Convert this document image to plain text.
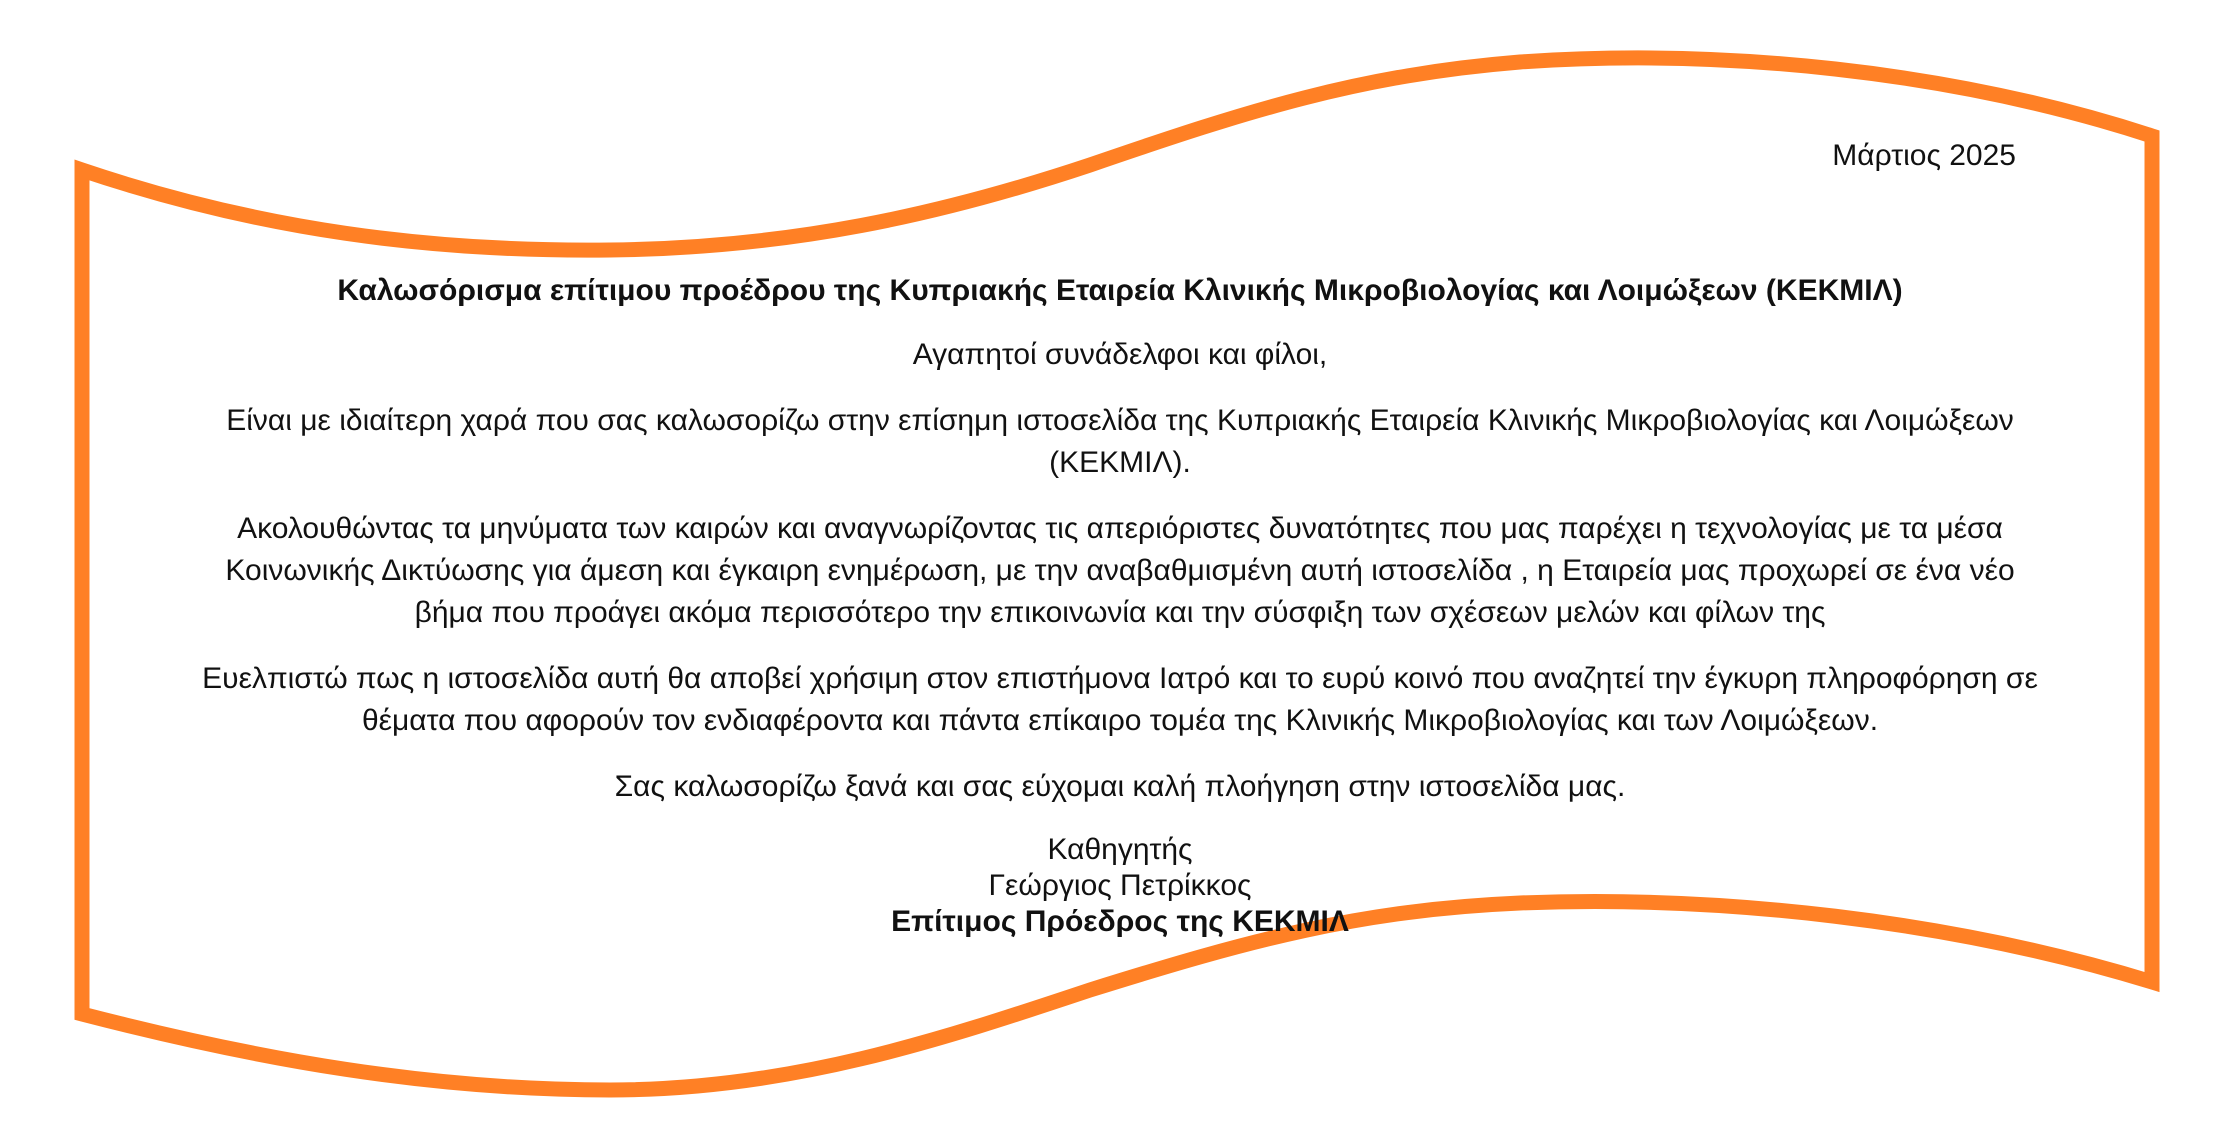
Μάρτιος 2025

Καλωσόρισμα επίτιμου προέδρου της Κυπριακής Εταιρεία Κλινικής Μικροβιολογίας και Λοιμώξεων (ΚΕΚΜΙΛ)

Αγαπητοί συνάδελφοι και φίλοι,

Είναι με ιδιαίτερη χαρά που σας καλωσορίζω στην επίσημη ιστοσελίδα της Κυπριακής Εταιρεία Κλινικής Μικροβιολογίας και Λοιμώξεων
(ΚΕΚΜΙΛ).

Ακολουθώντας τα μηνύματα των καιρών και αναγνωρίζοντας τις απεριόριστες δυνατότητες που μας παρέχει η τεχνολογίας με τα μέσα
Κοινωνικής Δικτύωσης για άμεση και έγκαιρη ενημέρωση, με την αναβαθμισμένη αυτή ιστοσελίδα , η Εταιρεία μας προχωρεί σε ένα νέο
βήμα που προάγει ακόμα περισσότερο την επικοινωνία και την σύσφιξη των σχέσεων μελών και φίλων της

Ευελπιστώ πως η ιστοσελίδα αυτή θα αποβεί χρήσιμη στον επιστήμονα Ιατρό και το ευρύ κοινό που αναζητεί την έγκυρη πληροφόρηση σε
θέματα που αφορούν τον ενδιαφέροντα και πάντα επίκαιρο τομέα της Κλινικής Μικροβιολογίας και των Λοιμώξεων.

Σας καλωσορίζω ξανά και σας εύχομαι καλή πλοήγηση στην ιστοσελίδα μας.

Καθηγητής
Γεώργιος Πετρίκκος
Επίτιμος Πρόεδρος της ΚΕΚΜΙΛ
